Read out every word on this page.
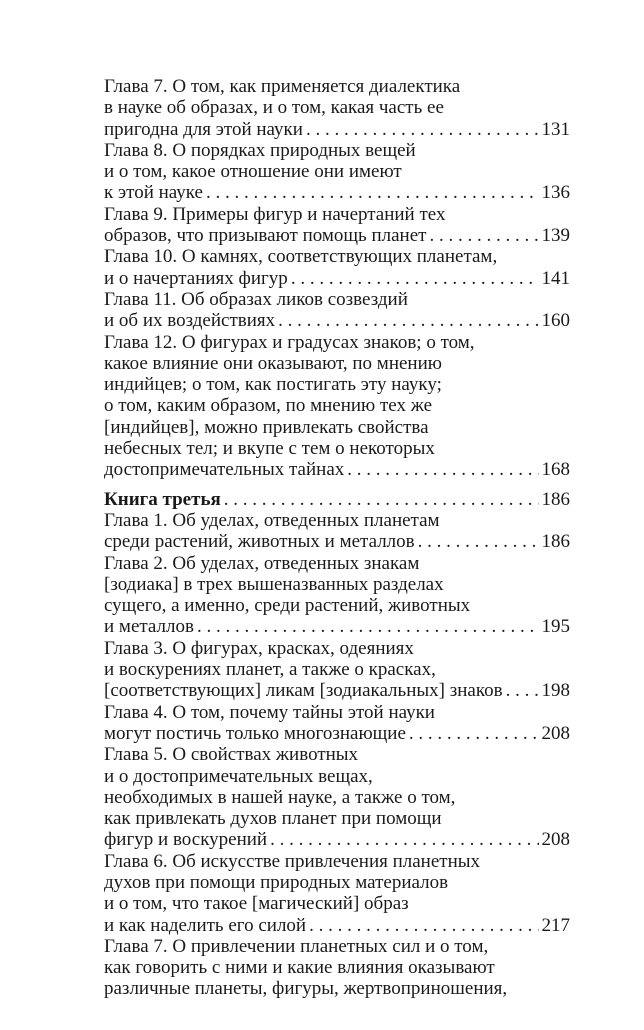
Глава 7. О том, как применяется диалектика
в науке об образах, и о том, какая часть ее
пригодна для этой науки . . .	131
Глава 8. О порядках природных вещей
и о том, какое отношение они имеют
к этой науке . . .	136
Глава 9. Примеры фигур и начертаний тех
образов, что призывают помощь планет . . .	139
Глава 10. О камнях, соответствующих планетам,
и о начертаниях фигур . . .	141
Глава 11. Об образах ликов созвездий
и об их воздействиях . . .	160
Глава 12. О фигурах и градусах знаков; о том,
какое влияние они оказывают, по мнению
индийцев; о том, как постигать эту науку;
о том, каким образом, по мнению тех же
[индийцев], можно привлекать свойства
небесных тел; и вкупе с тем о некоторых
достопримечательных тайнах . . .	168
Книга третья . . .	186
Глава 1. Об уделах, отведенных планетам
среди растений, животных и металлов . . .	186
Глава 2. Об уделах, отведенных знакам
[зодиака] в трех вышеназванных разделах
сущего, а именно, среди растений, животных
и металлов . . .	195
Глава 3. О фигурах, красках, одеяниях
и воскурениях планет, а также о красках,
[соответствующих] ликам [зодиакальных] знаков . . . 198
Глава 4. О том, почему тайны этой науки
могут постичь только многознающие . . .	208
Глава 5. О свойствах животных
и о достопримечательных вещах,
необходимых в нашей науке, а также о том,
как привлекать духов планет при помощи
фигур и воскурений . . .	208
Глава 6. Об искусстве привлечения планетных
духов при помощи природных материалов
и о том, что такое [магический] образ
и как наделить его силой . . .	217
Глава 7. О привлечении планетных сил и о том,
как говорить с ними и какие влияния оказывают
различные планеты, фигуры, жертвоприношения,
